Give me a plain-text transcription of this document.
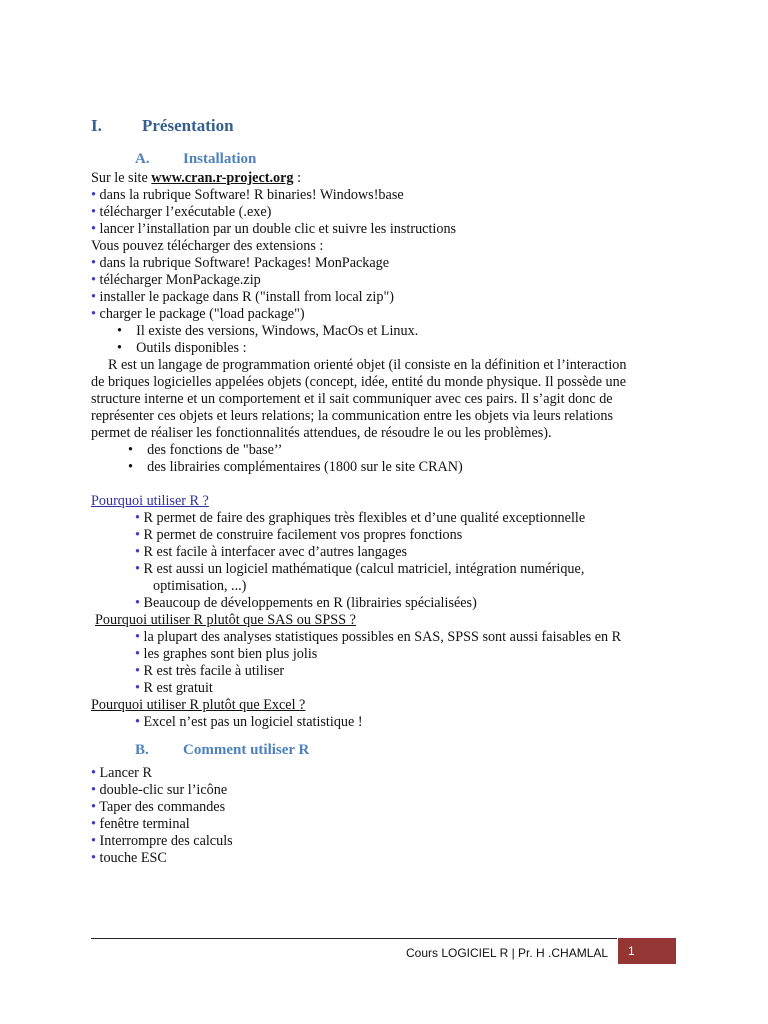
I. Présentation
A. Installation
Sur le site www.cran.r-project.org :
• dans la rubrique Software! R binaries! Windows!base
• télécharger l’exécutable (.exe)
• lancer l’installation par un double clic et suivre les instructions
Vous pouvez télécharger des extensions :
• dans la rubrique Software! Packages! MonPackage
• télécharger MonPackage.zip
• installer le package dans R ("install from local zip")
• charger le package ("load package")
• Il existe des versions, Windows, MacOs et Linux.
• Outils disponibles :
R est un langage de programmation orienté objet (il consiste en la définition et l’interaction
de briques logicielles appelées objets (concept, idée, entité du monde physique. Il possède une
structure interne et un comportement et il sait communiquer avec ces pairs. Il s’agit donc de
représenter ces objets et leurs relations; la communication entre les objets via leurs relations
permet de réaliser les fonctionnalités attendues, de résoudre le ou les problèmes).
• des fonctions de "base’’
• des librairies complémentaires (1800 sur le site CRAN)
Pourquoi utiliser R ?
• R permet de faire des graphiques très flexibles et d’une qualité exceptionnelle
• R permet de construire facilement vos propres fonctions
• R est facile à interfacer avec d’autres langages
• R est aussi un logiciel mathématique (calcul matriciel, intégration numérique,
optimisation, ...)
• Beaucoup de développements en R (librairies spécialisées)
Pourquoi utiliser R plutôt que SAS ou SPSS ?
• la plupart des analyses statistiques possibles en SAS, SPSS sont aussi faisables en R
• les graphes sont bien plus jolis
• R est très facile à utiliser
• R est gratuit
Pourquoi utiliser R plutôt que Excel ?
• Excel n’est pas un logiciel statistique !
B. Comment utiliser R
• Lancer R
• double-clic sur l’icône
• Taper des commandes
• fenêtre terminal
• Interrompre des calculs
• touche ESC
Cours LOGICIEL R | Pr. H .CHAMLAL 1
